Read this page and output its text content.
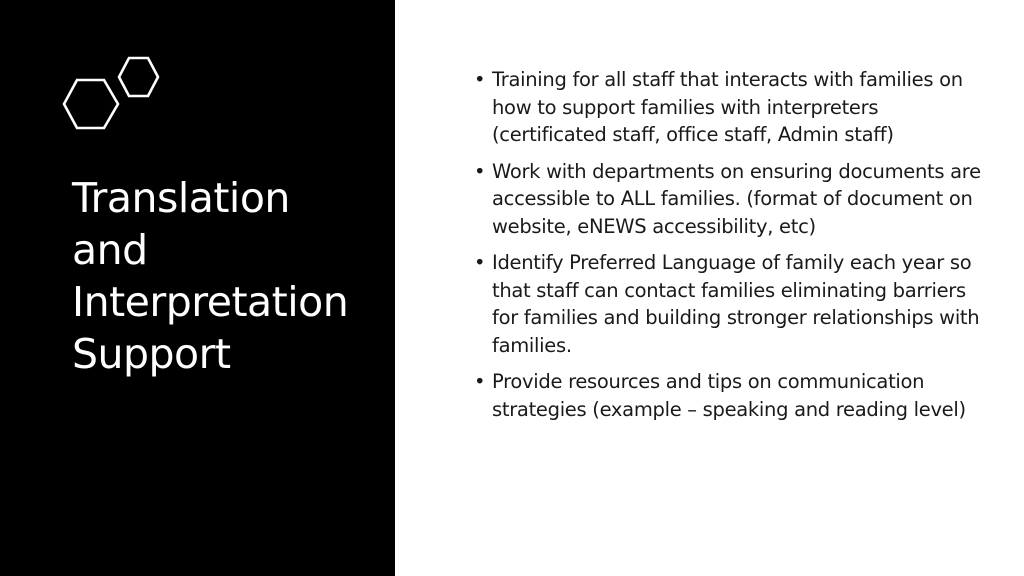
Translation
and
Interpretation
Support
• Training for all staff that interacts with families on how to support families with interpreters (certificated staff, office staff, Admin staff)
• Work with departments on ensuring documents are accessible to ALL families. (format of document on website, eNEWS accessibility, etc)
• Identify Preferred Language of family each year so that staff can contact families eliminating barriers for families and building stronger relationships with families.
• Provide resources and tips on communication strategies (example – speaking and reading level)
